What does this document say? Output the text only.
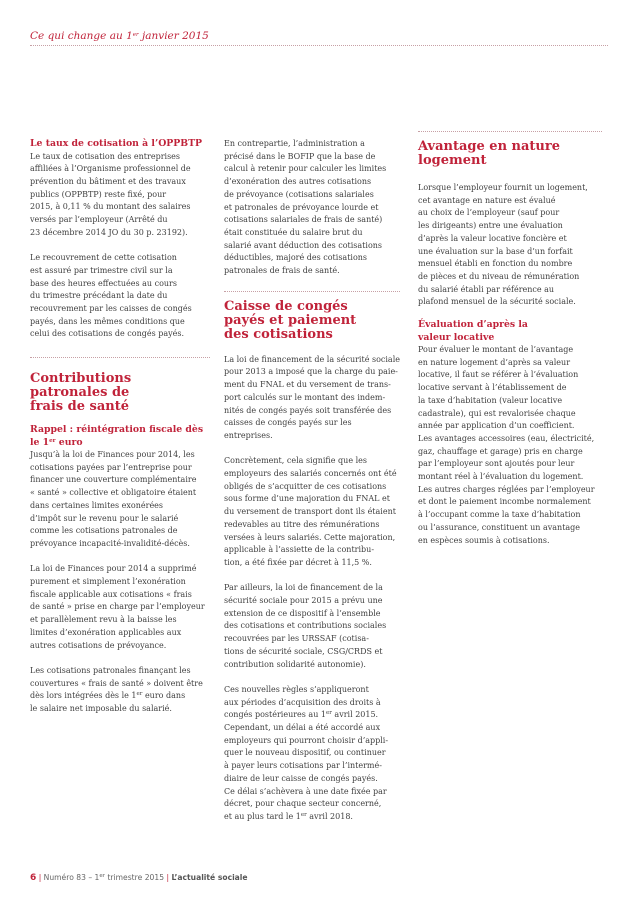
Ce qui change au 1er janvier 2015

Le taux de cotisation à l’OPPBTP

Le taux de cotisation des entreprises
affiliées à l’Organisme professionnel de
prévention du bâtiment et des travaux
publics (OPPBTP) reste fixé, pour
2015, à 0,11 % du montant des salaires
versés par l’employeur (Arrêté du
23 décembre 2014 JO du 30 p. 23192).

Le recouvrement de cette cotisation
est assuré par trimestre civil sur la
base des heures effectuées au cours
du trimestre précédant la date du
recouvrement par les caisses de congés
payés, dans les mêmes conditions que
celui des cotisations de congés payés.

Contributions
patronales de
frais de santé

Rappel : réintégration fiscale dès
le 1er euro

Jusqu’à la loi de Finances pour 2014, les
cotisations payées par l’entreprise pour
financer une couverture complémentaire
« santé » collective et obligatoire étaient
dans certaines limites exonérées
d’impôt sur le revenu pour le salarié
comme les cotisations patronales de
prévoyance incapacité-invalidité-décès.

La loi de Finances pour 2014 a supprimé
purement et simplement l’exonération
fiscale applicable aux cotisations « frais
de santé » prise en charge par l’employeur
et parallèlement revu à la baisse les
limites d’exonération applicables aux
autres cotisations de prévoyance.

Les cotisations patronales finançant les
couvertures « frais de santé » doivent être
dès lors intégrées dès le 1er euro dans
le salaire net imposable du salarié.

En contrepartie, l’administration a
précisé dans le BOFIP que la base de
calcul à retenir pour calculer les limites
d’exonération des autres cotisations
de prévoyance (cotisations salariales
et patronales de prévoyance lourde et
cotisations salariales de frais de santé)
était constituée du salaire brut du
salarié avant déduction des cotisations
déductibles, majoré des cotisations
patronales de frais de santé.

Caisse de congés
payés et paiement
des cotisations

La loi de financement de la sécurité sociale
pour 2013 a imposé que la charge du paie-
ment du FNAL et du versement de trans-
port calculés sur le montant des indem-
nités de congés payés soit transférée des
caisses de congés payés sur les entreprises.

Concrètement, cela signifie que les
employeurs des salariés concernés ont été
obligés de s’acquitter de ces cotisations
sous forme d’une majoration du FNAL et
du versement de transport dont ils étaient
redevables au titre des rémunérations
versées à leurs salariés. Cette majoration,
applicable à l’assiette de la contribu-
tion, a été fixée par décret à 11,5 %.

Par ailleurs, la loi de financement de la
sécurité sociale pour 2015 a prévu une
extension de ce dispositif à l’ensemble
des cotisations et contributions sociales
recouvrées par les URSSAF (cotisa-
tions de sécurité sociale, CSG/CRDS et
contribution solidarité autonomie).

Ces nouvelles règles s’appliqueront
aux périodes d’acquisition des droits à
congés postérieures au 1er avril 2015.
Cependant, un délai a été accordé aux
employeurs qui pourront choisir d’appli-
quer le nouveau dispositif, ou continuer
à payer leurs cotisations par l’intermé-
diaire de leur caisse de congés payés.
Ce délai s’achèvera à une date fixée par
décret, pour chaque secteur concerné,
et au plus tard le 1er avril 2018.

Avantage en nature
logement

Lorsque l’employeur fournit un logement,
cet avantage en nature est évalué
au choix de l’employeur (sauf pour
les dirigeants) entre une évaluation
d’après la valeur locative foncière et
une évaluation sur la base d’un forfait
mensuel établi en fonction du nombre
de pièces et du niveau de rémunération
du salarié établi par référence au
plafond mensuel de la sécurité sociale.

Évaluation d’après la
valeur locative

Pour évaluer le montant de l’avantage
en nature logement d’après sa valeur
locative, il faut se référer à l’évaluation
locative servant à l’établissement de
la taxe d’habitation (valeur locative
cadastrale), qui est revalorisée chaque
année par application d’un coefficient.
Les avantages accessoires (eau, électricité,
gaz, chauffage et garage) pris en charge
par l’employeur sont ajoutés pour leur
montant réel à l’évaluation du logement.
Les autres charges réglées par l’employeur
et dont le paiement incombe normalement
à l’occupant comme la taxe d’habitation
ou l’assurance, constituent un avantage
en espèces soumis à cotisations.

6 | Numéro 83 – 1er trimestre 2015 | L’actualité sociale
